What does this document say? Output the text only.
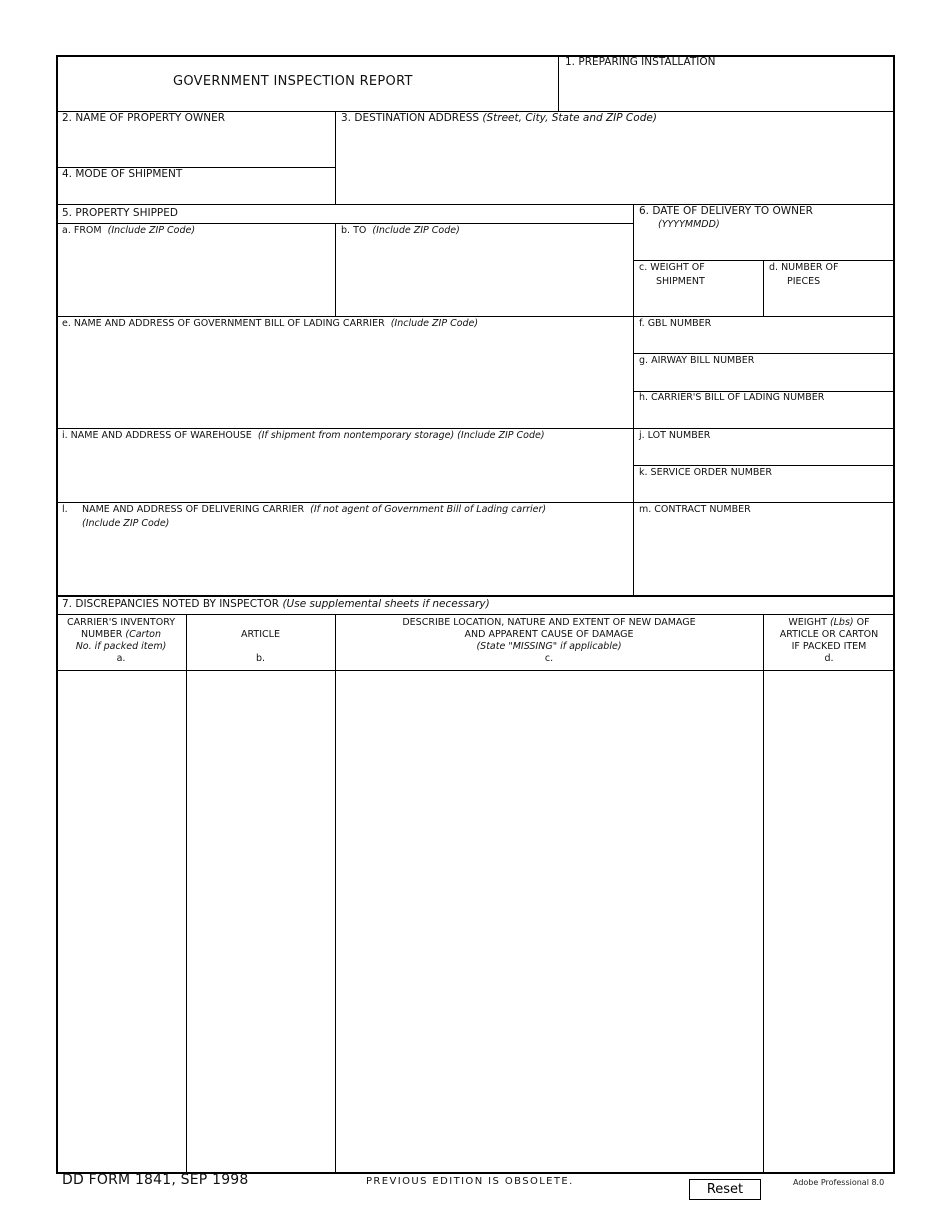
GOVERNMENT INSPECTION REPORT
1. PREPARING INSTALLATION
2. NAME OF PROPERTY OWNER	3. DESTINATION ADDRESS (Street, City, State and ZIP Code)
4. MODE OF SHIPMENT
5. PROPERTY SHIPPED
a. FROM (Include ZIP Code)	b. TO (Include ZIP Code)
6. DATE OF DELIVERY TO OWNER
(YYYYMMDD)
c. WEIGHT OF
SHIPMENT
d. NUMBER OF
PIECES
e. NAME AND ADDRESS OF GOVERNMENT BILL OF LADING CARRIER (Include ZIP Code)	f. GBL NUMBER
g. AIRWAY BILL NUMBER
h. CARRIER'S BILL OF LADING NUMBER
i. NAME AND ADDRESS OF WAREHOUSE (If shipment from nontemporary storage) (Include ZIP Code)	j. LOT NUMBER
k. SERVICE ORDER NUMBER
l. NAME AND ADDRESS OF DELIVERING CARRIER (If not agent of Government Bill of Lading carrier)
(Include ZIP Code)
m. CONTRACT NUMBER
7. DISCREPANCIES NOTED BY INSPECTOR (Use supplemental sheets if necessary)
CARRIER'S INVENTORY
NUMBER (Carton
No. if packed item)
a.
ARTICLE
b.
DESCRIBE LOCATION, NATURE AND EXTENT OF NEW DAMAGE
AND APPARENT CAUSE OF DAMAGE
(State "MISSING" if applicable)
c.
WEIGHT (Lbs) OF
ARTICLE OR CARTON
IF PACKED ITEM
d.
DD FORM 1841, SEP 1998	PREVIOUS EDITION IS OBSOLETE.
Reset	Adobe Professional 8.0
